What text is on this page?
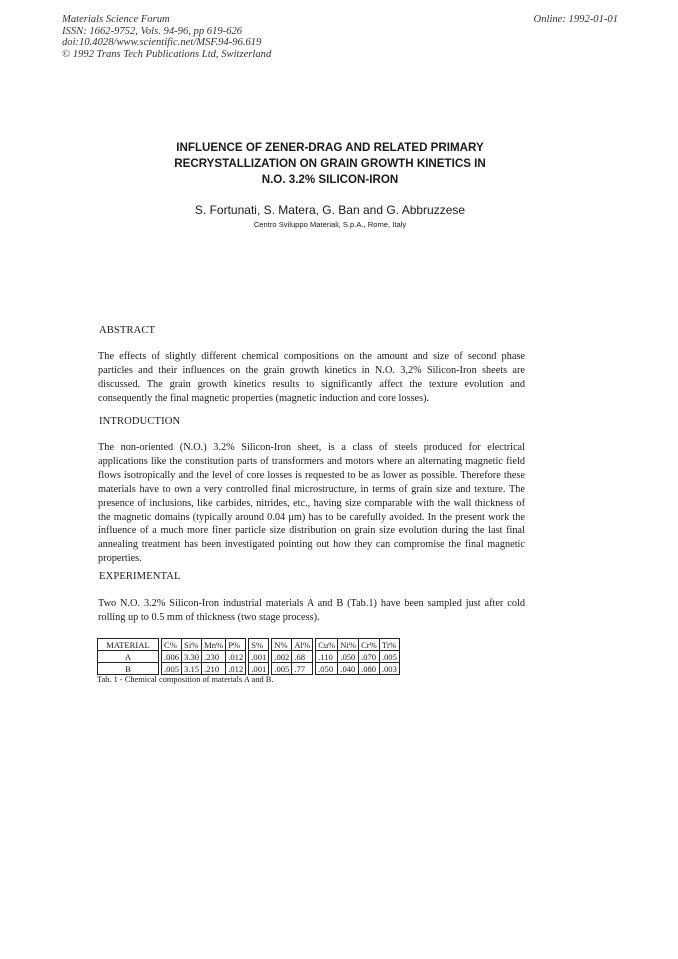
Materials Science Forum
ISSN: 1662-9752, Vols. 94-96, pp 619-626
doi:10.4028/www.scientific.net/MSF.94-96.619
© 1992 Trans Tech Publications Ltd, Switzerland
Online: 1992-01-01
INFLUENCE OF ZENER-DRAG AND RELATED PRIMARY
RECRYSTALLIZATION ON GRAIN GROWTH KINETICS IN
N.O. 3.2% SILICON-IRON
S. Fortunati, S. Matera, G. Ban and G. Abbruzzese
Centro Sviluppo Materiali, S.p.A., Rome, Italy
ABSTRACT
The effects of slightly different chemical compositions on the amount and size of second phase particles and their influences on the grain growth kinetics in N.O. 3,2% Silicon-Iron sheets are discussed. The grain growth kinetics results to significantly affect the texture evolution and consequently the final magnetic properties (magnetic induction and core losses).
INTRODUCTION
The non-oriented (N.O.) 3.2% Silicon-Iron sheet, is a class of steels produced for electrical applications like the constitution parts of transformers and motors where an alternating magnetic field flows isotropically and the level of core losses is requested to be as lower as possible. Therefore these materials have to own a very controlled final microstructure, in terms of grain size and texture. The presence of inclusions, like carbides, nitrides, etc., having size comparable with the wall thickness of the magnetic domains (typically around 0.04 μm) has to be carefully avoided. In the present work the influence of a much more finer particle size distribution on grain size evolution during the last final annealing treatment has been investigated pointing out how they can compromise the final magnetic properties.
EXPERIMENTAL
Two N.O. 3.2% Silicon-Iron industrial materials A and B (Tab.1) have been sampled just after cold rolling up to 0.5 mm of thickness (two stage process).
MATERIAL		C%	Si%	Mn%	P%		S%		N%	Al%		Cu%	Ni%	Cr%	Ti%
A		.006	3.30	.230	.012		.001		.002	.68		.110	.050	.070	.005
B		.005	3.15	.210	.012		.001		.005	.77		.050	.040	.080	.003
Tab. 1 - Chemical composition of materials A and B.
